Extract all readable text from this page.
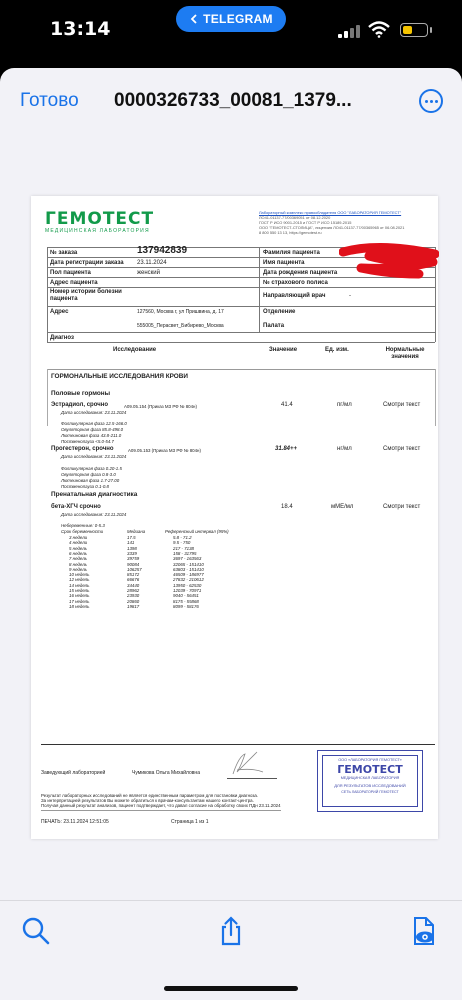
13:14	TELEGRAM
Готово 0000326733_00081_1379...
ГЕМОТЕСТ
МЕДИЦИНСКАЯ ЛАБОРАТОРИЯ
Лабораторный комплекс правообладателя ООО "ЛАБОРАТОРИЯ ГЕМОТЕСТ"
ЛО41-01137-77/00369051 от 08.12.2020
ГОСТ Р ИСО 9001-2015 и ГОСТ Р ИСО 15189-2015
ООО "ГЕМОТЕСТ-СТОЛИЦА", лицензия ЛО41-01137-77/00365965 от 06.08.2021
8 800 550 13 13, https://gemotest.ru
№ заказа	137942839
Дата регистрации заказа 23.11.2024
Пол пациента	женский
Адрес пациента
Номер истории болезни пациента
Адрес	127560, Москва г, ул Пришвина, д. 17
555005_Перасвет_Бибирево_Москва
Диагноз
Фамилия пациента
Имя пациента
Дата рождения пациента
№ страхового полиса
Направляющий врач	-
Отделение
Палата
Исследование	Значение	Ед. изм.	Нормальные значения
ГОРМОНАЛЬНЫЕ ИССЛЕДОВАНИЯ КРОВИ
Половые гормоны
Эстрадиол, срочно	A09.05.154 (Приказ МЗ РФ № 804н)
Дата исследования: 23.11.2024
41.4	пг/мл	Смотри текст
Фолликулярная фаза 12.5-166.0
Овуляторная фаза 85.8-498.0
Лютеиновая фаза 43.8-211.0
Постменопауза <5.0-54.7
Прогестерон, срочно	A09.05.153 (Приказ МЗ РФ № 804н)
Дата исследования: 23.11.2024
31.84++	нг/мл	Смотри текст
Фолликулярная фаза 0.20-1.5
Овуляторная фаза 0.8-3.0
Лютеиновая фаза 1.7-27.00
Постменопауза 0.1-0.8
Пренатальная диагностика
бета-ХГЧ срочно
Дата исследования: 23.11.2024
18.4	мМЕ/мл	Смотри текст
Небеременные: 0-5.3
Срок беременности	Медиана	Референсный интервал (95%)
Заведующий лабораторией	Чумикова Ольга Михайловна
Результат лабораторных исследований не является единственным параметром для постановки диагноза.
За интерпретацией результатов Вы можете обратиться к врачам-консультантам нашего контакт-центра.
Получая данный результат анализов, пациент подтверждает, что давал согласие на обработку своих ПДн 23.11.2024
ПЕЧАТЬ: 23.11.2024 12:51:05	Страница 1 из 1
ООО «ЛАБОРАТОРИЯ ГЕМОТЕСТ»
ГЕМОТЕСТ
МЕДИЦИНСКАЯ ЛАБОРАТОРИЯ
ДЛЯ РЕЗУЛЬТАТОВ ИССЛЕДОВАНИЙ
СЕТЬ ЛАБОРАТОРИЙ ГЕМОТЕСТ
3 недели	17.5	5.8 - 71.2
4 недели	141	9.5 - 750
5 недель	1398	217 - 7138
6 недель	3339	158 - 31795
7 недель	39759	3697 - 163563
8 недель	90084	32065 - 151410
9 недель	106257	63803 - 151410
10 недель	85172	46509 - 186977
12 недель	66676	27832 - 210612
14 недель	34440	13950 - 62530
15 недель	28962	12039 - 70971
16 недель	23930	9040 - 56451
17 недель	20860	8175 - 55868
18 недель	19817	8099 - 58176
